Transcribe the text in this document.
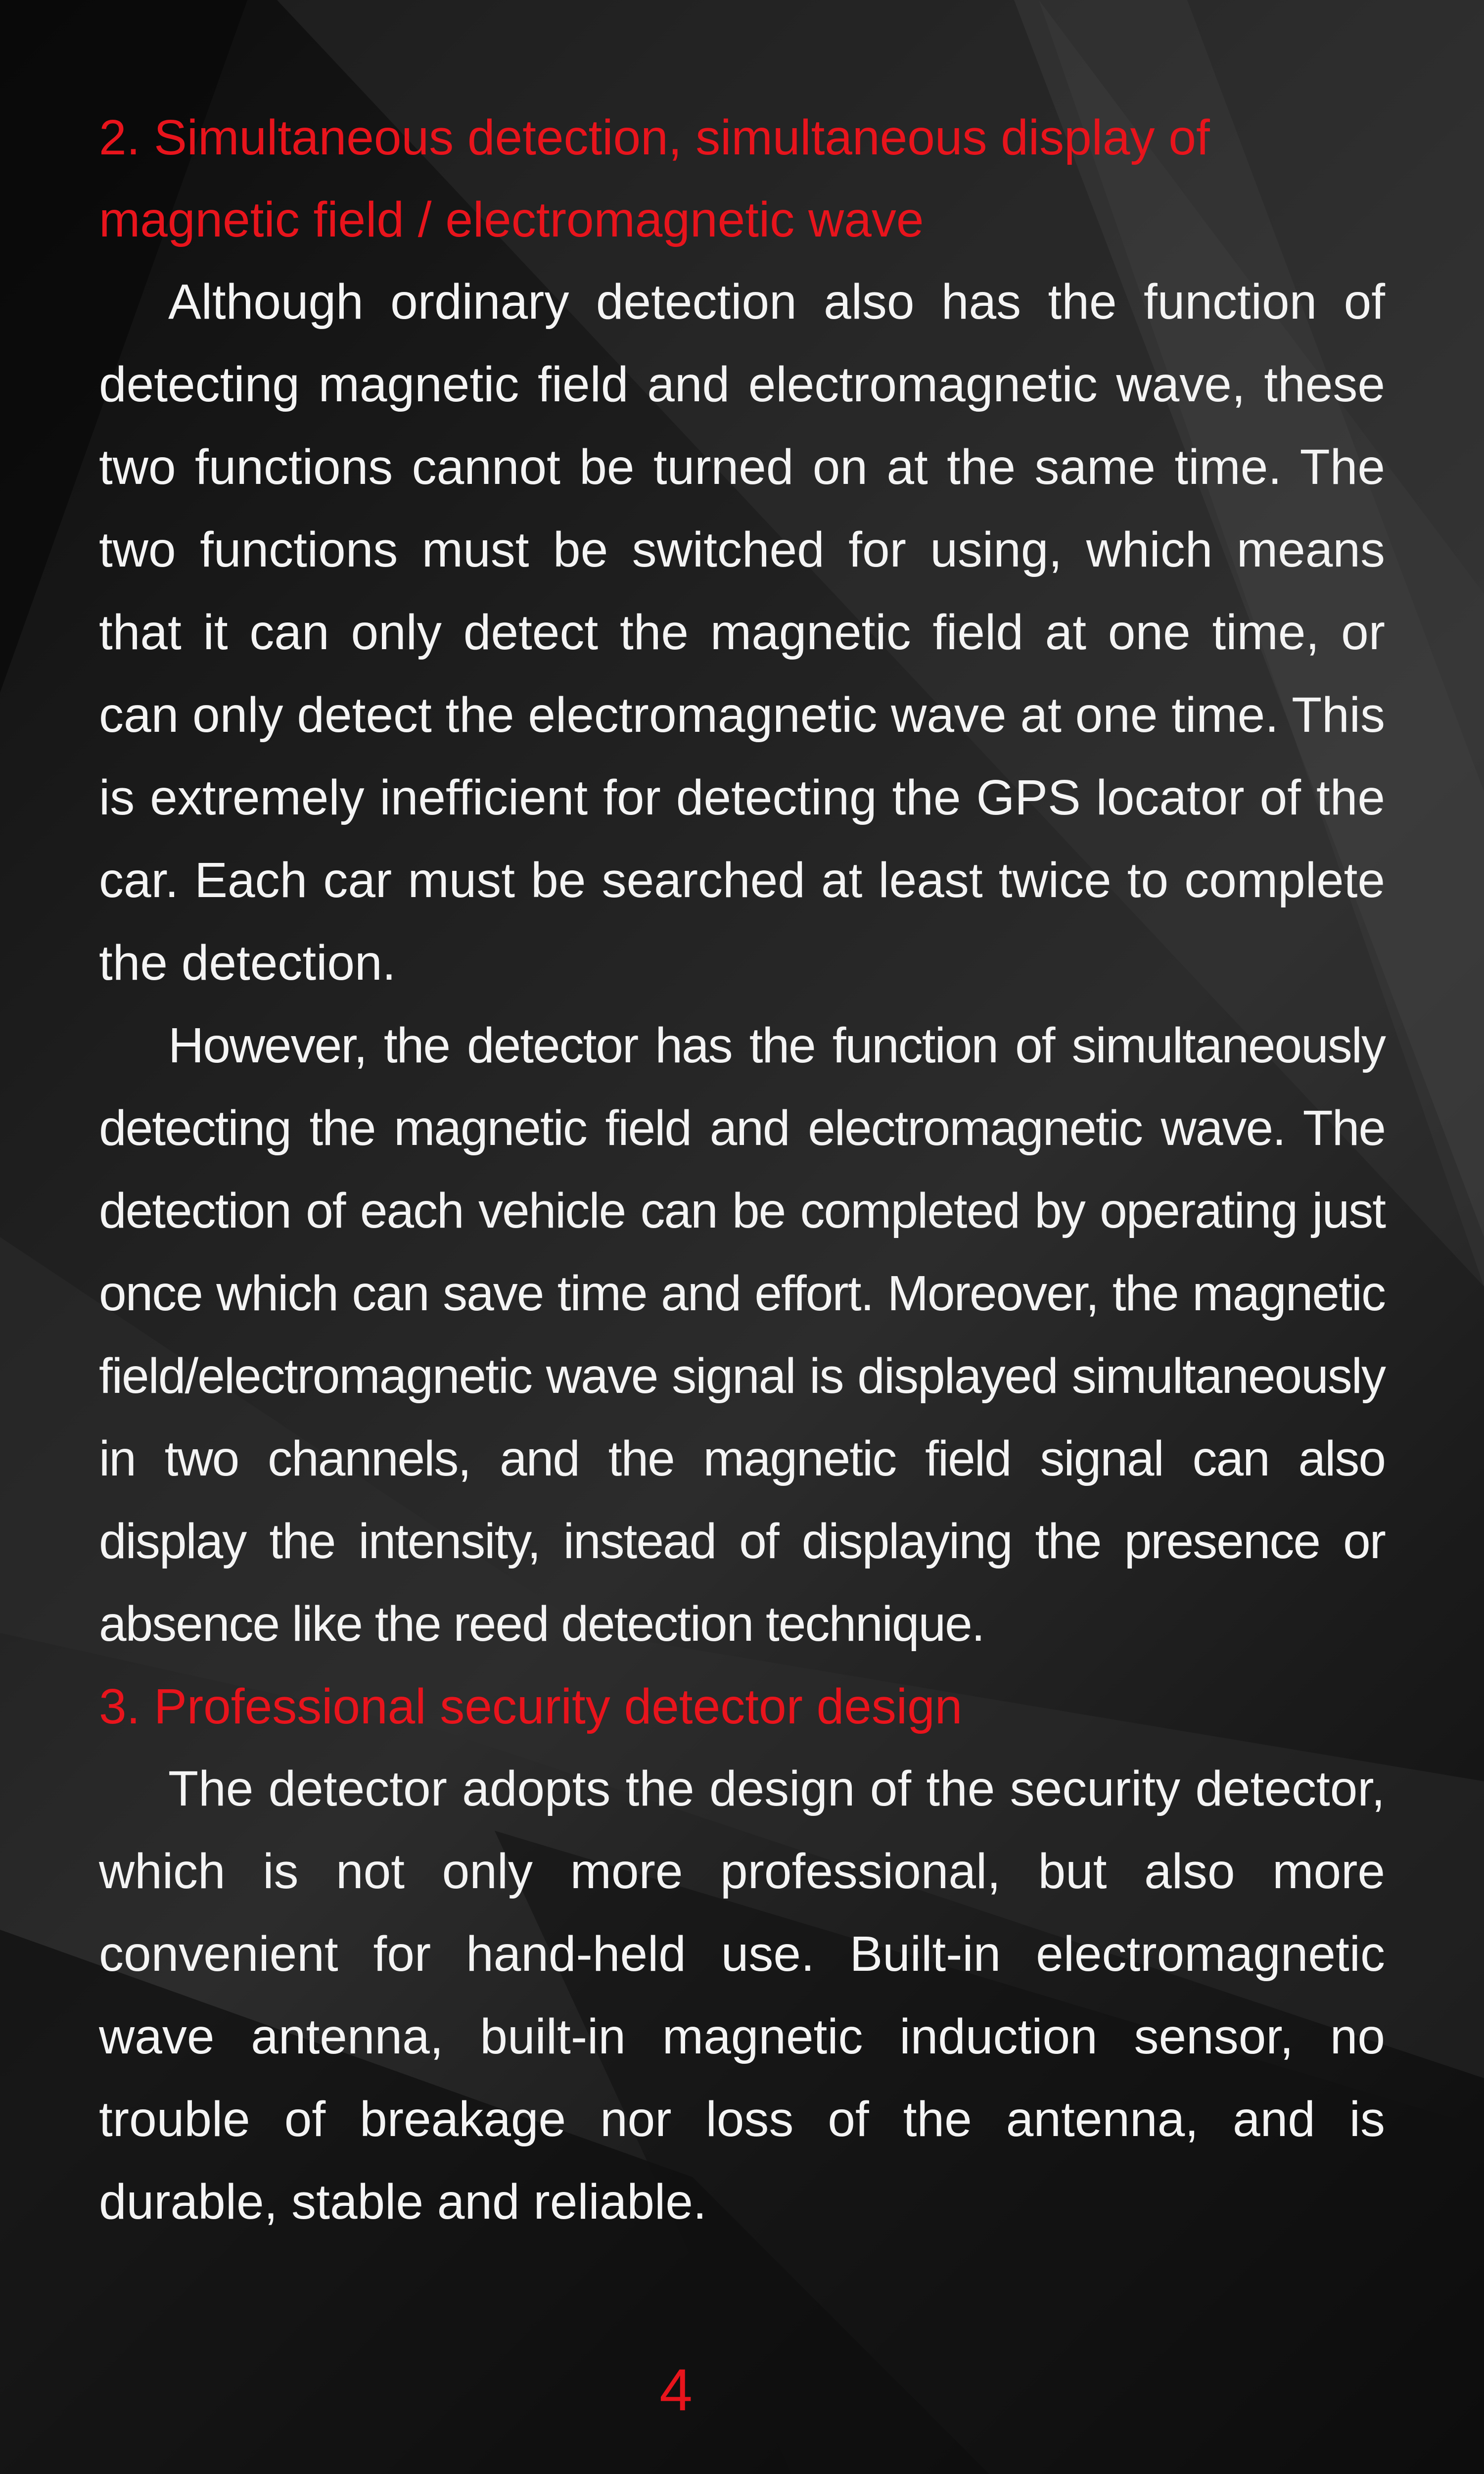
2. Simultaneous detection, simultaneous display of magnetic field / electromagnetic wave

Although ordinary detection also has the function of detecting magnetic field and electromagnetic wave, these two functions cannot be turned on at the same time. The two functions must be switched for using, which means that it can only detect the magnetic field at one time, or can only detect the electromagnetic wave at one time. This is extremely inefficient for detecting the GPS locator of the car. Each car must be searched at least twice to complete the detection.

However, the detector has the function of simultaneously detecting the magnetic field and electromagnetic wave. The detection of each vehicle can be completed by operating just once which can save time and effort. Moreover, the magnetic field/electromagnetic wave signal is displayed simultaneously in two channels, and the magnetic field signal can also display the intensity, instead of displaying the presence or absence like the reed detection technique.

3. Professional security detector design

The detector adopts the design of the security detector, which is not only more professional, but also more convenient for hand-held use. Built-in electromagnetic wave antenna, built-in magnetic induction sensor, no trouble of breakage nor loss of the antenna, and is durable, stable and reliable.

4
